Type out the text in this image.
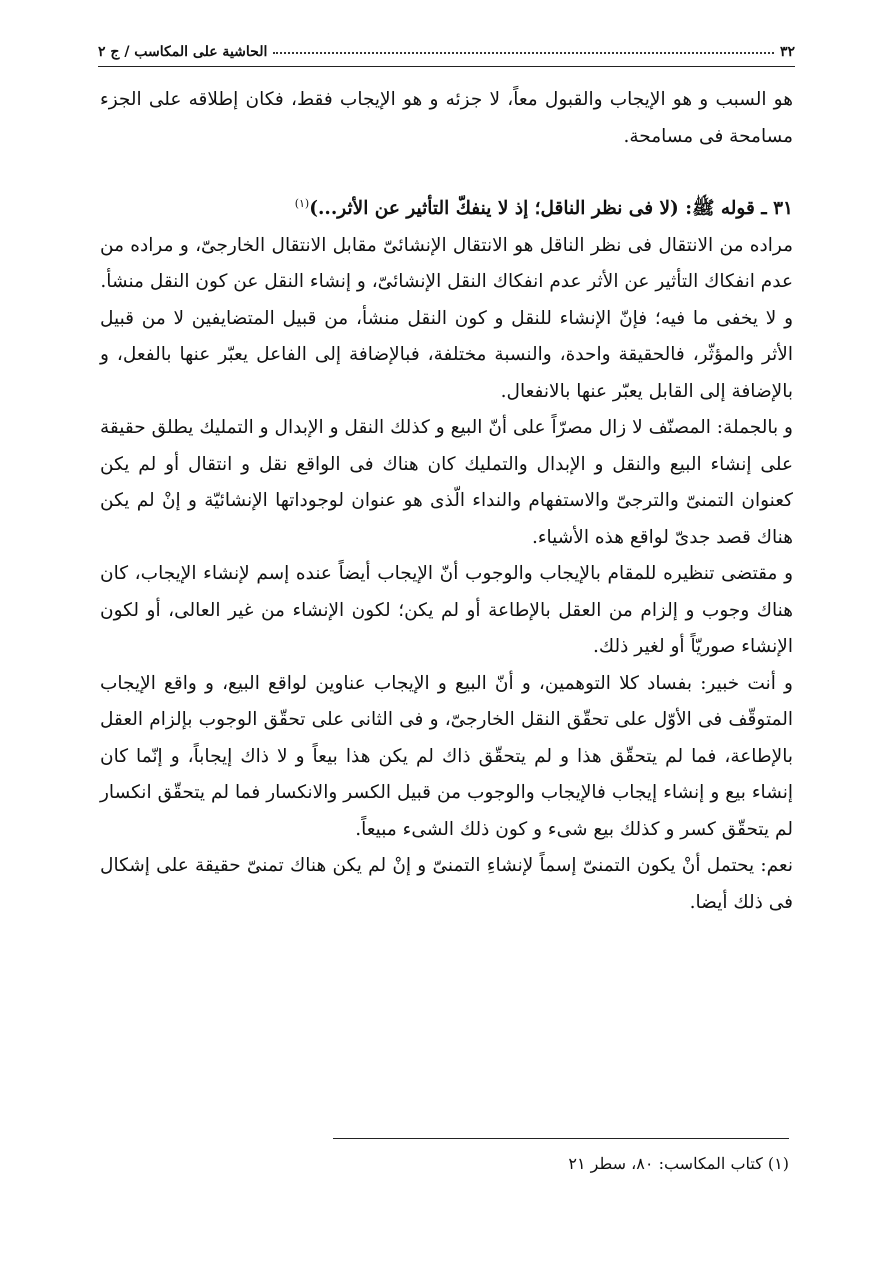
۳۲
الحاشية على المكاسب / ج ۲

هو السبب و هو الإيجاب والقبول معاً، لا جزئه و هو الإيجاب فقط، فكان إطلاقه على الجزء مسامحة فى مسامحة.

۳۱ ـ قوله ﷺ: (لا فى نظر الناقل؛ إذ لا ينفكّ التأثير عن الأثر...)$^{(۱)}$

مراده من الانتقال فى نظر الناقل هو الانتقال الإنشائىّ مقابل الانتقال الخارجىّ، و مراده من عدم انفكاك التأثير عن الأثر عدم انفكاك النقل الإنشائىّ، و إنشاء النقل عن كون النقل منشأ.

و لا يخفى ما فيه؛ فإنّ الإنشاء للنقل و كون النقل منشأ، من قبيل المتضايفين لا من قبيل الأثر والمؤثّر، فالحقيقة واحدة، والنسبة مختلفة، فبالإضافة إلى الفاعل يعبّر عنها بالفعل، و بالإضافة إلى القابل يعبّر عنها بالانفعال.

و بالجملة: المصنّف لا زال مصرّاً على أنّ البيع و كذلك النقل و الإبدال و التمليك يطلق حقيقة على إنشاء البيع والنقل و الإبدال والتمليك كان هناك فى الواقع نقل و انتقال أو لم يكن كعنوان التمنىّ والترجىّ والاستفهام والنداء الّذى هو عنوان لوجوداتها الإنشائيّة و إنْ لم يكن هناك قصد جدىّ لواقع هذه الأشياء.

و مقتضى تنظيره للمقام بالإيجاب والوجوب أنّ الإيجاب أيضاً عنده إسم لإنشاء الإيجاب، كان هناك وجوب و إلزام من العقل بالإطاعة أو لم يكن؛ لكون الإنشاء من غير العالى، أو لكون الإنشاء صوريّاً أو لغير ذلك.

و أنت خبير: بفساد كلا التوهمين، و أنّ البيع و الإيجاب عناوين لواقع البيع، و واقع الإيجاب المتوقّف فى الأوّل على تحقّق النقل الخارجىّ، و فى الثانى على تحقّق الوجوب بإلزام العقل بالإطاعة، فما لم يتحقّق هذا و لم يتحقّق ذاك لم يكن هذا بيعاً و لا ذاك إيجاباً، و إنّما كان إنشاء بيع و إنشاء إيجاب فالإيجاب والوجوب من قبيل الكسر والانكسار فما لم يتحقّق انكسار لم يتحقّق كسر و كذلك بيع شىء و كون ذلك الشىء مبيعاً.

نعم: يحتمل أنْ يكون التمنىّ إسماً لإنشاءِ التمنىّ و إنْ لم يكن هناك تمنىّ حقيقة على إشكال فى ذلك أيضا.

(۱) كتاب المكاسب: ۸۰، سطر ۲۱
